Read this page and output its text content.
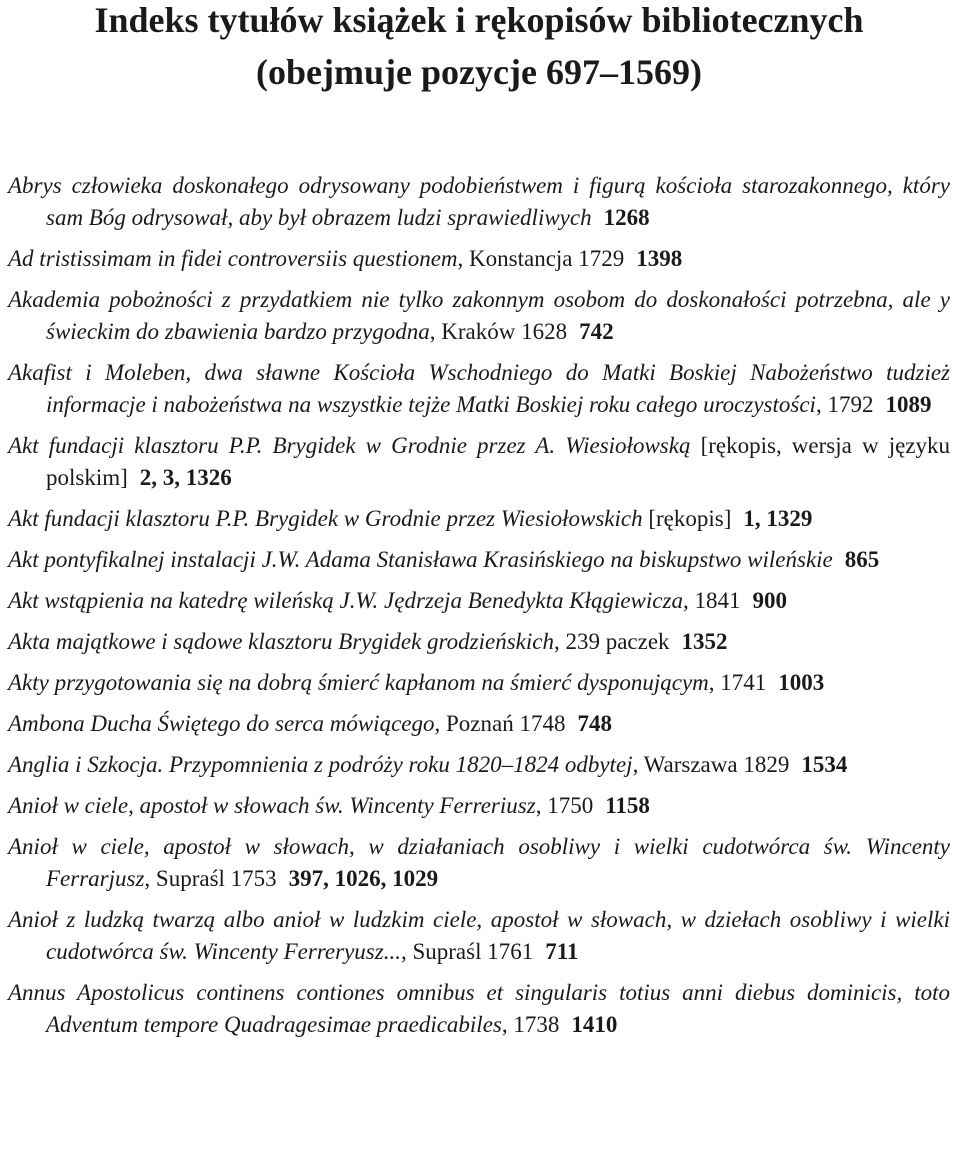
Indeks tytułów książek i rękopisów bibliotecznych
(obejmuje pozycje 697–1569)
Abrys człowieka doskonałego odrysowany podobieństwem i figurą kościoła starozakonnego, który sam Bóg odrysował, aby był obrazem ludzi sprawiedliwych 1268
Ad tristissimam in fidei controversiis questionem, Konstancja 1729 1398
Akademia pobożności z przydatkiem nie tylko zakonnym osobom do doskonałości potrzebna, ale y świeckim do zbawienia bardzo przygodna, Kraków 1628 742
Akafist i Moleben, dwa sławne Kościoła Wschodniego do Matki Boskiej Nabożeństwo tudzież informacje i nabożeństwa na wszystkie tejże Matki Boskiej roku całego uroczystości, 1792 1089
Akt fundacji klasztoru P.P. Brygidek w Grodnie przez A. Wiesiołowską [rękopis, wersja w języku polskim] 2, 3, 1326
Akt fundacji klasztoru P.P. Brygidek w Grodnie przez Wiesiołowskich [rękopis] 1, 1329
Akt pontyfikalnej instalacji J.W. Adama Stanisława Krasińskiego na biskupstwo wileńskie 865
Akt wstąpienia na katedrę wileńską J.W. Jędrzeja Benedykta Kłągiewicza, 1841 900
Akta majątkowe i sądowe klasztoru Brygidek grodzieńskich, 239 paczek 1352
Akty przygotowania się na dobrą śmierć kapłanom na śmierć dysponującym, 1741 1003
Ambona Ducha Świętego do serca mówiącego, Poznań 1748 748
Anglia i Szkocja. Przypomnienia z podróży roku 1820–1824 odbytej, Warszawa 1829 1534
Anioł w ciele, apostoł w słowach św. Wincenty Ferreriusz, 1750 1158
Anioł w ciele, apostoł w słowach, w działaniach osobliwy i wielki cudotwórca św. Wincenty Ferrarjusz, Supraśl 1753 397, 1026, 1029
Anioł z ludzką twarzą albo anioł w ludzkim ciele, apostoł w słowach, w dziełach osobliwy i wielki cudotwórca św. Wincenty Ferreryusz..., Supraśl 1761 711
Annus Apostolicus continens contiones omnibus et singularis totius anni diebus dominicis, toto Adventum tempore Quadragesimae praedicabiles, 1738 1410
